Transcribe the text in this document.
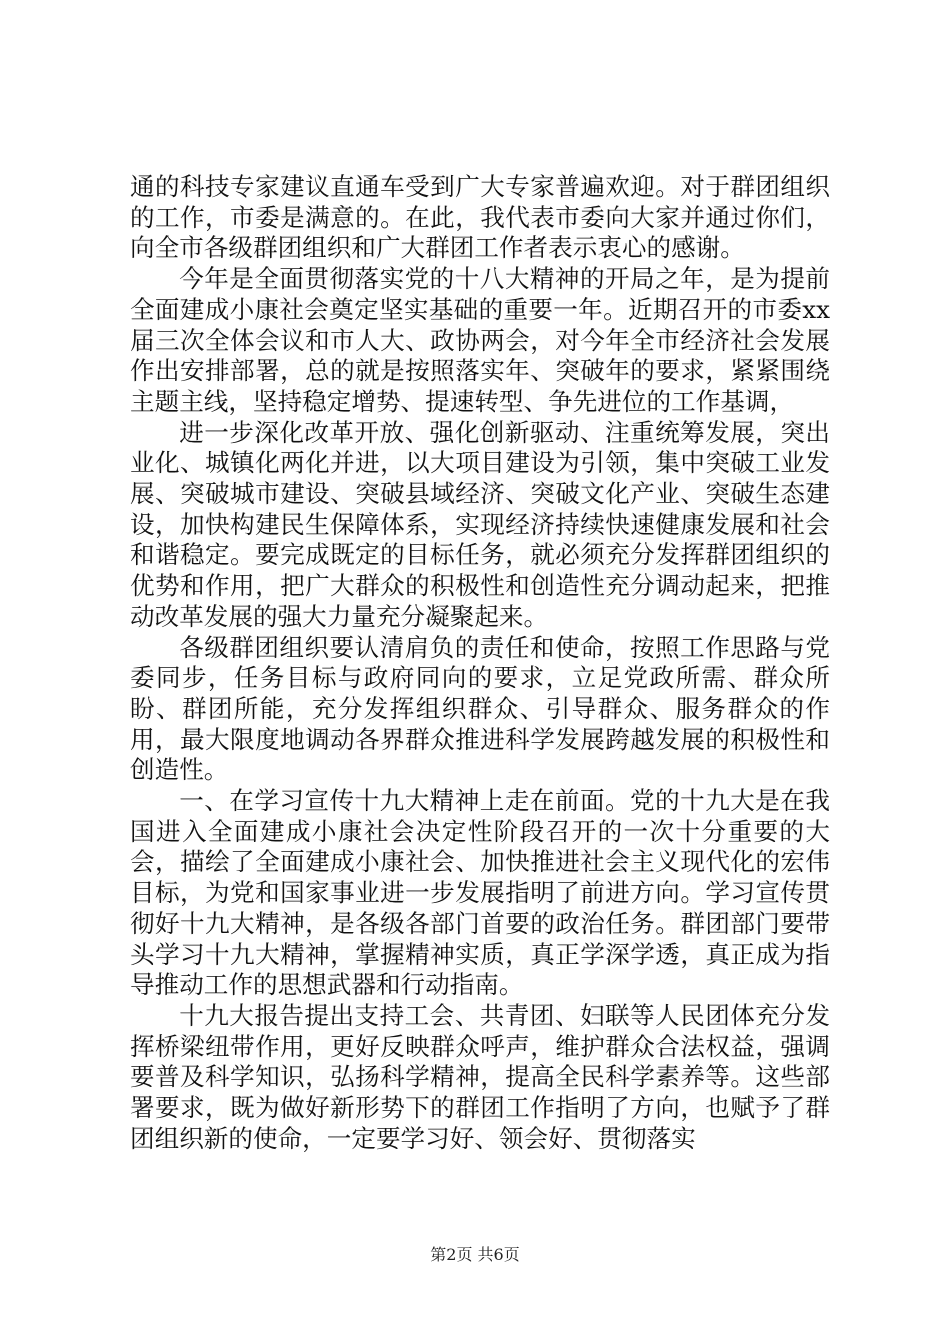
通的科技专家建议直通车受到广大专家普遍欢迎。对于群团组织的工作，市委是满意的。在此，我代表市委向大家并通过你们，向全市各级群团组织和广大群团工作者表示衷心的感谢。

今年是全面贯彻落实党的十八大精神的开局之年，是为提前全面建成小康社会奠定坚实基础的重要一年。近期召开的市委xx届三次全体会议和市人大、政协两会，对今年全市经济社会发展作出安排部署，总的就是按照落实年、突破年的要求，紧紧围绕主题主线，坚持稳定增势、提速转型、争先进位的工作基调，

进一步深化改革开放、强化创新驱动、注重统筹发展，突出业化、城镇化两化并进，以大项目建设为引领，集中突破工业发展、突破城市建设、突破县域经济、突破文化产业、突破生态建设，加快构建民生保障体系，实现经济持续快速健康发展和社会和谐稳定。要完成既定的目标任务，就必须充分发挥群团组织的优势和作用，把广大群众的积极性和创造性充分调动起来，把推动改革发展的强大力量充分凝聚起来。

各级群团组织要认清肩负的责任和使命，按照工作思路与党委同步，任务目标与政府同向的要求，立足党政所需、群众所盼、群团所能，充分发挥组织群众、引导群众、服务群众的作用，最大限度地调动各界群众推进科学发展跨越发展的积极性和创造性。

一、在学习宣传十九大精神上走在前面。党的十九大是在我国进入全面建成小康社会决定性阶段召开的一次十分重要的大会，描绘了全面建成小康社会、加快推进社会主义现代化的宏伟目标，为党和国家事业进一步发展指明了前进方向。学习宣传贯彻好十九大精神，是各级各部门首要的政治任务。群团部门要带头学习十九大精神，掌握精神实质，真正学深学透，真正成为指导推动工作的思想武器和行动指南。

十九大报告提出支持工会、共青团、妇联等人民团体充分发挥桥梁纽带作用，更好反映群众呼声，维护群众合法权益，强调要普及科学知识，弘扬科学精神，提高全民科学素养等。这些部署要求，既为做好新形势下的群团工作指明了方向，也赋予了群团组织新的使命，一定要学习好、领会好、贯彻落实

第2页 共6页
